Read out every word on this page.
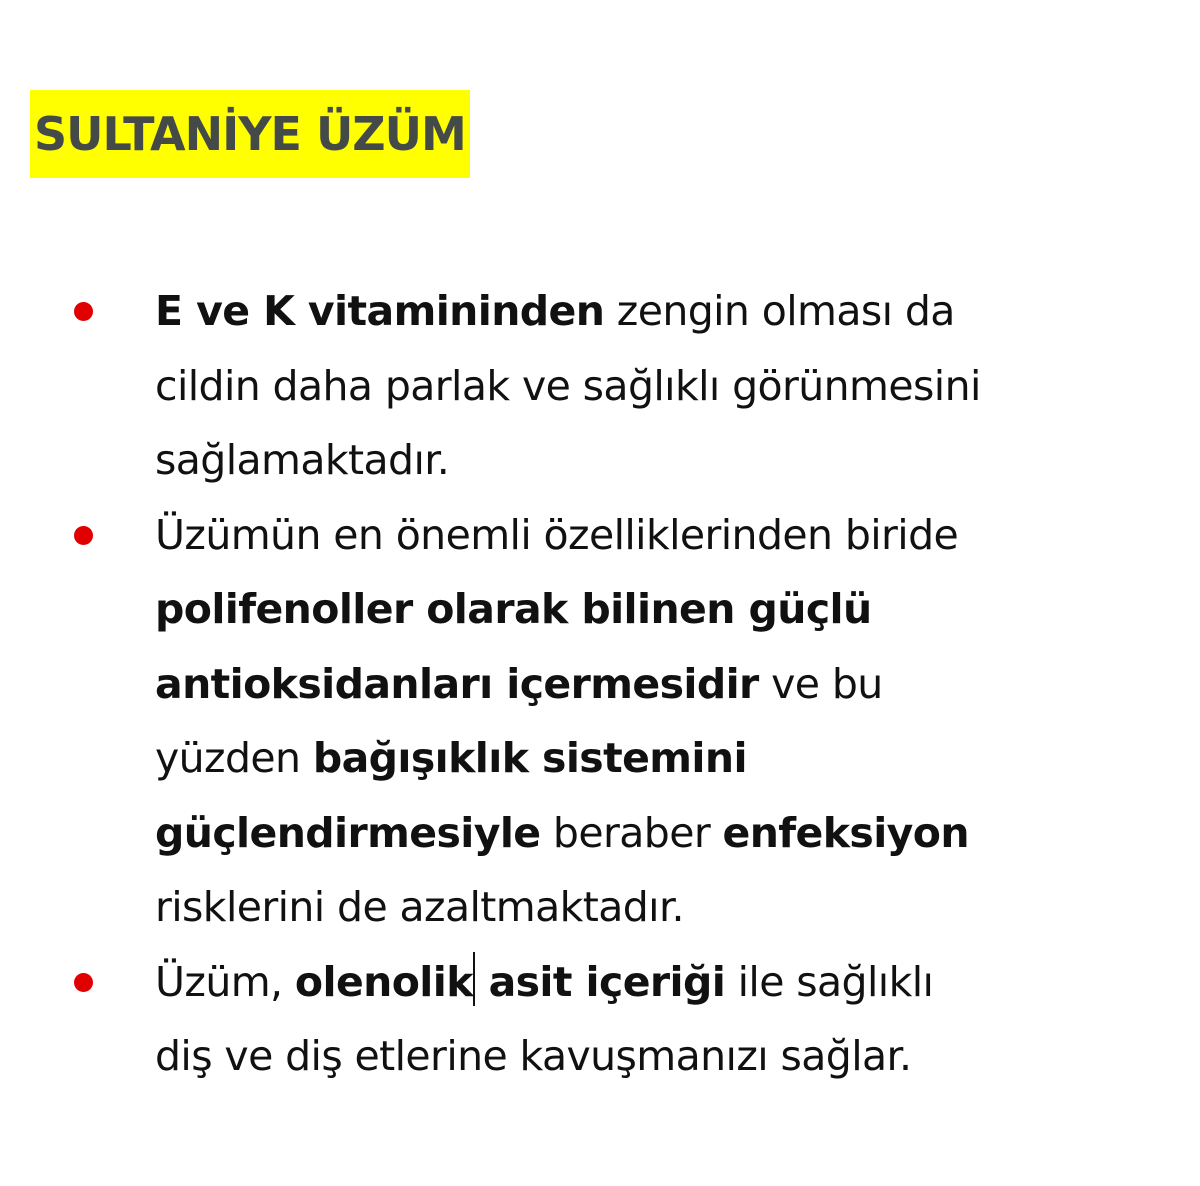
SULTANİYE ÜZÜM
E ve K vitamininden zengin olması da
cildin daha parlak ve sağlıklı görünmesini
sağlamaktadır.
Üzümün en önemli özelliklerinden biride
polifenoller olarak bilinen güçlü
antioksidanları içermesidir ve bu
yüzden bağışıklık sistemini
güçlendirmesiyle beraber enfeksiyon
risklerini de azaltmaktadır.
Üzüm, olenolik asit içeriği ile sağlıklı
diş ve diş etlerine kavuşmanızı sağlar.
